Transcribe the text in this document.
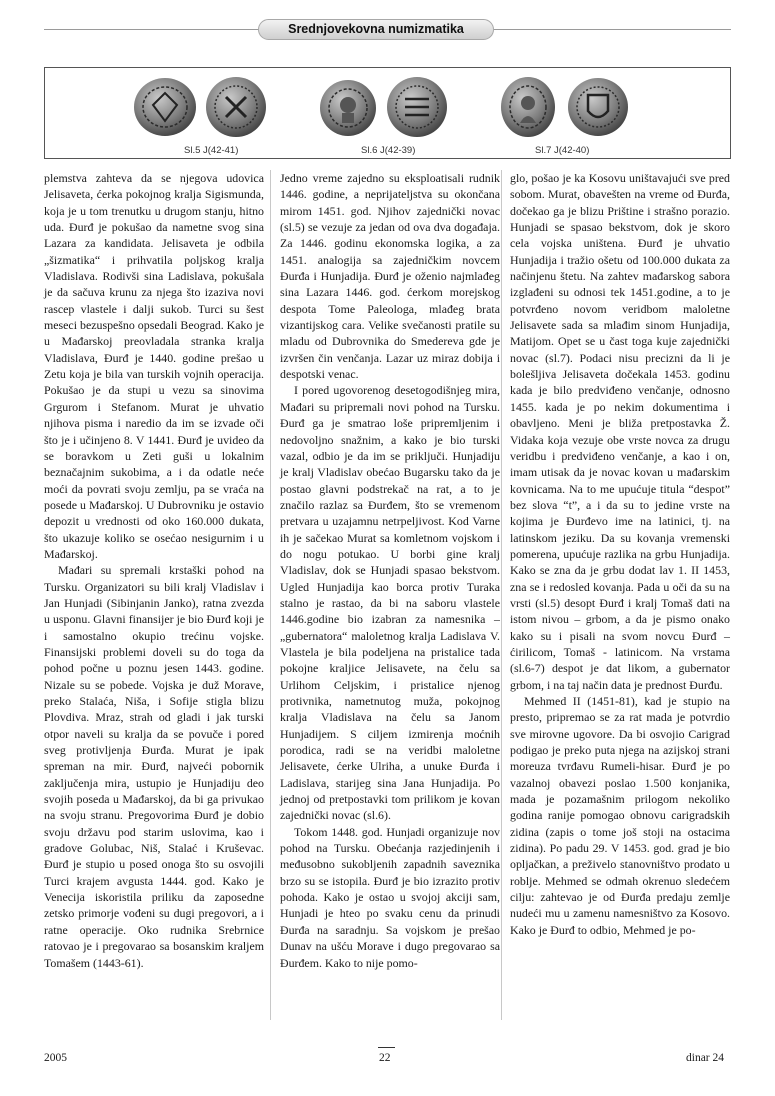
Srednjovekovna numizmatika
Sl.5 J(42-41)	Sl.6 J(42-39)	Sl.7 J(42-40)

plemstva zahteva da se njegova udovica Jelisaveta, ćerka pokojnog kralja Sigismunda, koja je u tom trenutku u drugom stanju, hitno uda. Đurđ je pokušao da nametne svog sina Lazara za kandidata. Jelisaveta je odbila „šizmatika“ i prihvatila poljskog kralja Vladislava. Rodivši sina Ladislava, pokušala je da sačuva krunu za njega što izaziva novi rascep vlastele i dalji sukob. Turci su šest meseci bezuspešno opsedali Beograd. Kako je u Mađarskoj preovladala stranka kralja Vladislava, Đurđ je 1440. godine prešao u Zetu koja je bila van turskih vojnih operacija. Pokušao je da stupi u vezu sa sinovima Grgurom i Stefanom. Murat je uhvatio njihova pisma i naredio da im se izvade oči što je i učinjeno 8. V 1441. Đurđ je uvideo da se boravkom u Zeti guši u lokalnim beznačajnim sukobima, a i da odatle neće moći da povrati svoju zemlju, pa se vraća na posede u Mađarskoj. U Dubrovniku je ostavio depozit u vrednosti od oko 160.000 dukata, što ukazuje koliko se osećao nesigurnim i u Mađarskoj.

Mađari su spremali krstaški pohod na Tursku. Organizatori su bili kralj Vladislav i Jan Hunjadi (Sibinjanin Janko), ratna zvezda u usponu. Glavni finansijer je bio Đurđ koji je i samostalno okupio trećinu vojske. Finansijski problemi doveli su do toga da pohod počne u poznu jesen 1443. godine. Nizale su se pobede. Vojska je duž Morave, preko Stalaća, Niša, i Sofije stigla blizu Plovdiva. Mraz, strah od gladi i jak turski otpor naveli su kralja da se povuče i pored sveg protivljenja Đurđa. Murat je ipak spreman na mir. Đurđ, najveći pobornik zaključenja mira, ustupio je Hunjadiju deo svojih poseda u Mađarskoj, da bi ga privukao na svoju stranu. Pregovorima Đurđ je dobio svoju državu pod starim uslovima, kao i gradove Golubac, Niš, Stalać i Kruševac. Đurđ je stupio u posed onoga što su osvojili Turci krajem avgusta 1444. god. Kako je Venecija iskoristila priliku da zaposedne zetsko primorje vođeni su dugi pregovori, a i ratne operacije. Oko rudnika Srebrnice ratovao je i pregovarao sa bosanskim kraljem Tomašem (1443-61).

Jedno vreme zajedno su eksploatisali rudnik 1446. godine, a neprijateljstva su okončana mirom 1451. god. Njihov zajednički novac (sl.5) se vezuje za jedan od ova dva događaja. Za 1446. godinu ekonomska logika, a za 1451. analogija sa zajedničkim novcem Đurđa i Hunjadija. Đurđ je oženio najmlađeg sina Lazara 1446. god. ćerkom morejskog despota Tome Paleologa, mlađeg brata vizantijskog cara. Velike svečanosti pratile su mladu od Dubrovnika do Smedereva gde je izvršen čin venčanja. Lazar uz miraz dobija i despotski venac.

I pored ugovorenog desetogodišnjeg mira, Mađari su pripremali novi pohod na Tursku. Đurđ ga je smatrao loše pripremljenim i nedovoljno snažnim, a kako je bio turski vazal, odbio je da im se priključi. Hunjadiju je kralj Vladislav obećao Bugarsku tako da je postao glavni podstrekač na rat, a to je značilo razlaz sa Đurđem, što se vremenom pretvara u uzajamnu netrpeljivost. Kod Varne ih je sačekao Murat sa komletnom vojskom i do nogu potukao. U borbi gine kralj Vladislav, dok se Hunjadi spasao bekstvom. Ugled Hunjadija kao borca protiv Turaka stalno je rastao, da bi na saboru vlastele 1446.godine bio izabran za namesnika – „gubernatora“ maloletnog kralja Ladislava V. Vlastela je bila podeljena na pristalice tada pokojne kraljice Jelisavete, na čelu sa Urlihom Celjskim, i pristalice njenog protivnika, nametnutog muža, pokojnog kralja Vladislava na čelu sa Janom Hunjadijem. S ciljem izmirenja moćnih porodica, radi se na veridbi maloletne Jelisavete, ćerke Ulriha, a unuke Đurđa i Ladislava, starijeg sina Jana Hunjadija. Po jednoj od pretpostavki tom prilikom je kovan zajednički novac (sl.6).

Tokom 1448. god. Hunjadi organizuje nov pohod na Tursku. Obećanja razjedinjenih i međusobno sukobljenih zapadnih saveznika brzo su se istopila. Đurđ je bio izrazito protiv pohoda. Kako je ostao u svojoj akciji sam, Hunjadi je hteo po svaku cenu da prinudi Đurđa na saradnju. Sa vojskom je prešao Dunav na ušću Morave i dugo pregovarao sa Đurđem. Kako to nije pomo-

glo, pošao je ka Kosovu uništavajući sve pred sobom. Murat, obavešten na vreme od Đurđa, dočekao ga je blizu Prištine i strašno porazio. Hunjadi se spasao bekstvom, dok je skoro cela vojska uništena. Đurđ je uhvatio Hunjadija i tražio ošetu od 100.000 dukata za načinjenu štetu. Na zahtev mađarskog sabora izglađeni su odnosi tek 1451.godine, a to je potvrđeno novom veridbom maloletne Jelisavete sada sa mlađim sinom Hunjadija, Matijom. Opet se u čast toga kuje zajednički novac (sl.7). Podaci nisu precizni da li je bolešljiva Jelisaveta dočekala 1453. godinu kada je bilo predviđeno venčanje, odnosno 1455. kada je po nekim dokumentima i obavljeno. Meni je bliža pretpostavka Ž. Vidaka koja vezuje obe vrste novca za drugu veridbu i predviđeno venčanje, a kao i on, imam utisak da je novac kovan u mađarskim kovnicama. Na to me upućuje titula “despot” bez slova “t”, a i da su to jedine vrste na kojima je Đurđevo ime na latinici, tj. na latinskom jeziku. Da su kovanja vremenski pomerena, upućuje razlika na grbu Hunjadija. Kako se zna da je grbu dodat lav 1. II 1453, zna se i redosled kovanja. Pada u oči da su na vrsti (sl.5) desopt Đurđ i kralj Tomaš dati na istom nivou – grbom, a da je pismo onako kako su i pisali na svom novcu Đurđ – ćirilicom, Tomaš - latinicom. Na vrstama (sl.6-7) despot je dat likom, a gubernator grbom, i na taj način data je prednost Đurđu.

Mehmed II (1451-81), kad je stupio na presto, pripremao se za rat mada je potvrdio sve mirovne ugovore. Da bi osvojio Carigrad podigao je preko puta njega na azijskoj strani moreuza tvrđavu Rumeli-hisar. Đurđ je po vazalnoj obavezi poslao 1.500 konjanika, mada je pozamašnim prilogom nekoliko godina ranije pomogao obnovu carigradskih zidina (zapis o tome još stoji na ostacima zidina). Po padu 29. V 1453. god. grad je bio opljačkan, a preživelo stanovništvo prodato u roblje. Mehmed se odmah okrenuo sledećem cilju: zahtevao je od Đurđa predaju zemlje nudeći mu u zamenu namesništvo za Kosovo. Kako je Đurđ to odbio, Mehmed je po-

2005	22	dinar 24
